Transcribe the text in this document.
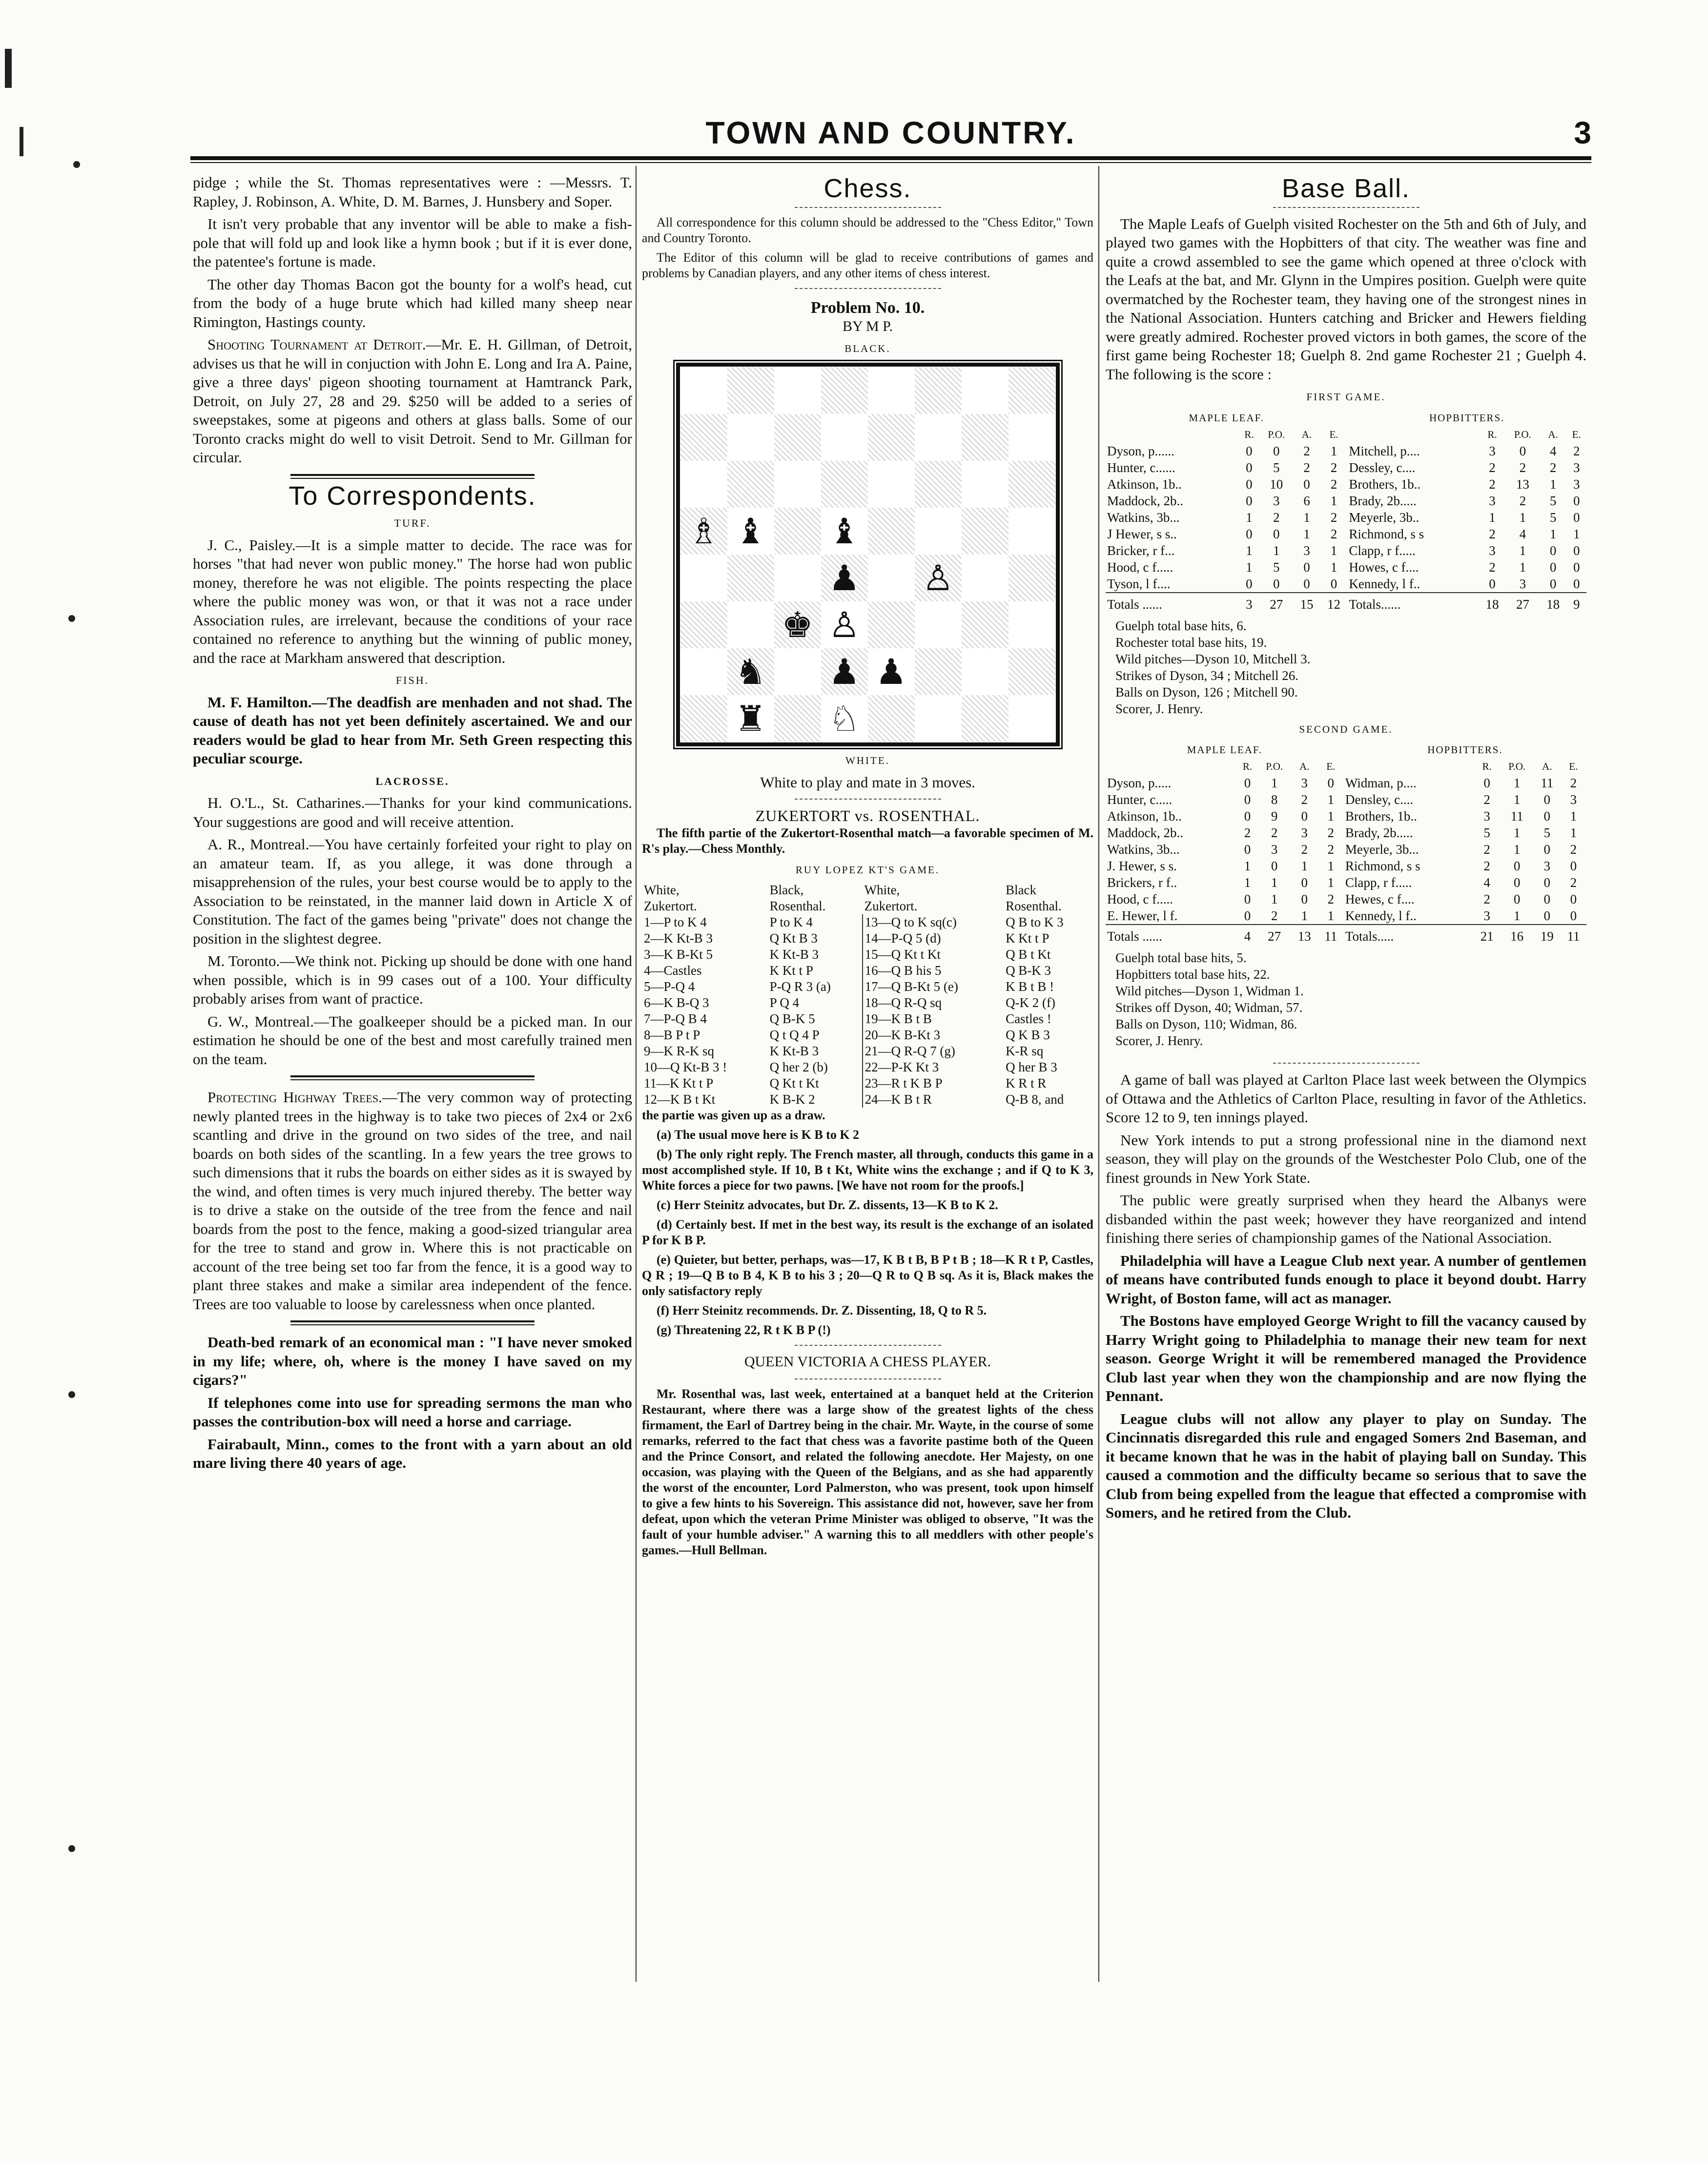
TOWN AND COUNTRY.	3

pidge ; while the St. Thomas representatives were : —Messrs. T. Rapley, J. Robinson, A. White, D. M. Barnes, J. Hunsbery and Soper.

It isn't very probable that any inventor will be able to make a fish-pole that will fold up and look like a hymn book ; but if it is ever done, the patentee's fortune is made.

The other day Thomas Bacon got the bounty for a wolf's head, cut from the body of a huge brute which had killed many sheep near Rimington, Hastings county.

Shooting Tournament at Detroit.—Mr. E. H. Gillman, of Detroit, advises us that he will in conjuction with John E. Long and Ira A. Paine, give a three days' pigeon shooting tournament at Hamtranck Park, Detroit, on July 27, 28 and 29. $250 will be added to a series of sweepstakes, some at pigeons and others at glass balls. Some of our Toronto cracks might do well to visit Detroit. Send to Mr. Gillman for circular.

To Correspondents.
TURF.

J. C., Paisley.—It is a simple matter to decide. The race was for horses "that had never won public money." The horse had won public money, therefore he was not eligible. The points respecting the place where the public money was won, or that it was not a race under Association rules, are irrelevant, because the conditions of your race contained no reference to anything but the winning of public money, and the race at Markham answered that description.

FISH.

M. F. Hamilton.—The deadfish are menhaden and not shad. The cause of death has not yet been definitely ascertained. We and our readers would be glad to hear from Mr. Seth Green respecting this peculiar scourge.

LACROSSE.

H. O.'L., St. Catharines.—Thanks for your kind communications. Your suggestions are good and will receive attention.

A. R., Montreal.—You have certainly forfeited your right to play on an amateur team. If, as you allege, it was done through a misapprehension of the rules, your best course would be to apply to the Association to be reinstated, in the manner laid down in Article X of Constitution. The fact of the games being "private" does not change the position in the slightest degree.

M. Toronto.—We think not. Picking up should be done with one hand when possible, which is in 99 cases out of a 100. Your difficulty probably arises from want of practice.

G. W., Montreal.—The goalkeeper should be a picked man. In our estimation he should be one of the best and most carefully trained men on the team.

Protecting Highway Trees.—The very common way of protecting newly planted trees in the highway is to take two pieces of 2x4 or 2x6 scantling and drive in the ground on two sides of the tree, and nail boards on both sides of the scantling. In a few years the tree grows to such dimensions that it rubs the boards on either sides as it is swayed by the wind, and often times is very much injured thereby. The better way is to drive a stake on the outside of the tree from the fence and nail boards from the post to the fence, making a good-sized triangular area for the tree to stand and grow in. Where this is not practicable on account of the tree being set too far from the fence, it is a good way to plant three stakes and make a similar area independent of the fence. Trees are too valuable to loose by carelessness when once planted.

Death-bed remark of an economical man : "I have never smoked in my life; where, oh, where is the money I have saved on my cigars?"

If telephones come into use for spreading sermons the man who passes the contribution-box will need a horse and carriage.

Fairabault, Minn., comes to the front with a yarn about an old mare living there 40 years of age.

Chess.

All correspondence for this column should be addressed to the "Chess Editor," Town and Country Toronto.

The Editor of this column will be glad to receive contributions of games and problems by Canadian players, and any other items of chess interest.

Problem No. 10.
BY M P.
BLACK.
♗ ♝ ♝
♟ ♙
♚ ♙
♞ ♟ ♟
♜ ♘
WHITE.
White to play and mate in 3 moves.
ZUKERTORT vs. ROSENTHAL.

The fifth partie of the Zukertort-Rosenthal match—a favorable specimen of M. R's play.—Chess Monthly.

RUY LOPEZ KT'S GAME.
White,	Black,	White,	Black
Zukertort.	Rosenthal.	Zukertort.	Rosenthal.
1—P to K 4	P to K 4	13—Q to K sq(c)	Q B to K 3
2—K Kt-B 3	Q Kt B 3	14—P-Q 5 (d)	K Kt t P
3—K B-Kt 5	K Kt-B 3	15—Q Kt t Kt	Q B t Kt
4—Castles	K Kt t P	16—Q B his 5	Q B-K 3
5—P-Q 4	P-Q R 3 (a)	17—Q B-Kt 5 (e)	K B t B !
6—K B-Q 3	P Q 4	18—Q R-Q sq	Q-K 2 (f)
7—P-Q B 4	Q B-K 5	19—K B t B	Castles !
8—B P t P	Q t Q 4 P	20—K B-Kt 3	Q K B 3
9—K R-K sq	K Kt-B 3	21—Q R-Q 7 (g)	K-R sq
10—Q Kt-B 3 !	Q her 2 (b)	22—P-K Kt 3	Q her B 3
11—K Kt t P	Q Kt t Kt	23—R t K B P	K R t R
12—K B t Kt	K B-K 2	24—K B t R	Q-B 8, and

the partie was given up as a draw.

(a) The usual move here is K B to K 2

(b) The only right reply. The French master, all through, conducts this game in a most accomplished style. If 10, B t Kt, White wins the exchange ; and if Q to K 3, White forces a piece for two pawns. [We have not room for the proofs.]

(c) Herr Steinitz advocates, but Dr. Z. dissents, 13—K B to K 2.

(d) Certainly best. If met in the best way, its result is the exchange of an isolated P for K B P.

(e) Quieter, but better, perhaps, was—17, K B t B, B P t B ; 18—K R t P, Castles, Q R ; 19—Q B to B 4, K B to his 3 ; 20—Q R to Q B sq. As it is, Black makes the only satisfactory reply

(f) Herr Steinitz recommends. Dr. Z. Dissenting, 18, Q to R 5.

(g) Threatening 22, R t K B P (!)

QUEEN VICTORIA A CHESS PLAYER.

Mr. Rosenthal was, last week, entertained at a banquet held at the Criterion Restaurant, where there was a large show of the greatest lights of the chess firmament, the Earl of Dartrey being in the chair. Mr. Wayte, in the course of some remarks, referred to the fact that chess was a favorite pastime both of the Queen and the Prince Consort, and related the following anecdote. Her Majesty, on one occasion, was playing with the Queen of the Belgians, and as she had apparently the worst of the encounter, Lord Palmerston, who was present, took upon himself to give a few hints to his Sovereign. This assistance did not, however, save her from defeat, upon which the veteran Prime Minister was obliged to observe, "It was the fault of your humble adviser." A warning this to all meddlers with other people's games.—Hull Bellman.

Base Ball.

The Maple Leafs of Guelph visited Rochester on the 5th and 6th of July, and played two games with the Hopbitters of that city. The weather was fine and quite a crowd assembled to see the game which opened at three o'clock with the Leafs at the bat, and Mr. Glynn in the Umpires position. Guelph were quite overmatched by the Rochester team, they having one of the strongest nines in the National Association. Hunters catching and Bricker and Hewers fielding were greatly admired. Rochester proved victors in both games, the score of the first game being Rochester 18; Guelph 8. 2nd game Rochester 21 ; Guelph 4. The following is the score :

FIRST GAME.
MAPLE LEAF.					HOPBITTERS.				
	R.	P.O.	A.	E.		R.	P.O.	A.	E.
Dyson, p......	0	0	2	1	Mitchell, p....	3	0	4	2
Hunter, c......	0	5	2	2	Dessley, c....	2	2	2	3
Atkinson, 1b..	0	10	0	2	Brothers, 1b..	2	13	1	3
Maddock, 2b..	0	3	6	1	Brady, 2b.....	3	2	5	0
Watkins, 3b...	1	2	1	2	Meyerle, 3b..	1	1	5	0
J Hewer, s s..	0	0	1	2	Richmond, s s	2	4	1	1
Bricker, r f...	1	1	3	1	Clapp, r f.....	3	1	0	0
Hood, c f.....	1	5	0	1	Howes, c f....	2	1	0	0
Tyson, l f....	0	0	0	0	Kennedy, l f..	0	3	0	0
Totals ......	3	27	15	12	Totals......	18	27	18	9
Guelph total base hits, 6.
Rochester total base hits, 19.
Wild pitches—Dyson 10, Mitchell 3.
Strikes of Dyson, 34 ; Mitchell 26.
Balls on Dyson, 126 ; Mitchell 90.
Scorer, J. Henry.
SECOND GAME.
MAPLE LEAF.					HOPBITTERS.				
	R.	P.O.	A.	E.		R.	P.O.	A.	E.
Dyson, p.....	0	1	3	0	Widman, p....	0	1	11	2
Hunter, c.....	0	8	2	1	Densley, c....	2	1	0	3
Atkinson, 1b..	0	9	0	1	Brothers, 1b..	3	11	0	1
Maddock, 2b..	2	2	3	2	Brady, 2b.....	5	1	5	1
Watkins, 3b...	0	3	2	2	Meyerle, 3b...	2	1	0	2
J. Hewer, s s.	1	0	1	1	Richmond, s s	2	0	3	0
Brickers, r f..	1	1	0	1	Clapp, r f.....	4	0	0	2
Hood, c f.....	0	1	0	2	Hewes, c f....	2	0	0	0
E. Hewer, l f.	0	2	1	1	Kennedy, l f..	3	1	0	0
Totals ......	4	27	13	11	Totals.....	21	16	19	11
Guelph total base hits, 5.
Hopbitters total base hits, 22.
Wild pitches—Dyson 1, Widman 1.
Strikes off Dyson, 40; Widman, 57.
Balls on Dyson, 110; Widman, 86.
Scorer, J. Henry.

A game of ball was played at Carlton Place last week between the Olympics of Ottawa and the Athletics of Carlton Place, resulting in favor of the Athletics. Score 12 to 9, ten innings played.

New York intends to put a strong professional nine in the diamond next season, they will play on the grounds of the Westchester Polo Club, one of the finest grounds in New York State.

The public were greatly surprised when they heard the Albanys were disbanded within the past week; however they have reorganized and intend finishing there series of championship games of the National Association.

Philadelphia will have a League Club next year. A number of gentlemen of means have contributed funds enough to place it beyond doubt. Harry Wright, of Boston fame, will act as manager.

The Bostons have employed George Wright to fill the vacancy caused by Harry Wright going to Philadelphia to manage their new team for next season. George Wright it will be remembered managed the Providence Club last year when they won the championship and are now flying the Pennant.

League clubs will not allow any player to play on Sunday. The Cincinnatis disregarded this rule and engaged Somers 2nd Baseman, and it became known that he was in the habit of playing ball on Sunday. This caused a commotion and the difficulty became so serious that to save the Club from being expelled from the league that effected a compromise with Somers, and he retired from the Club.
